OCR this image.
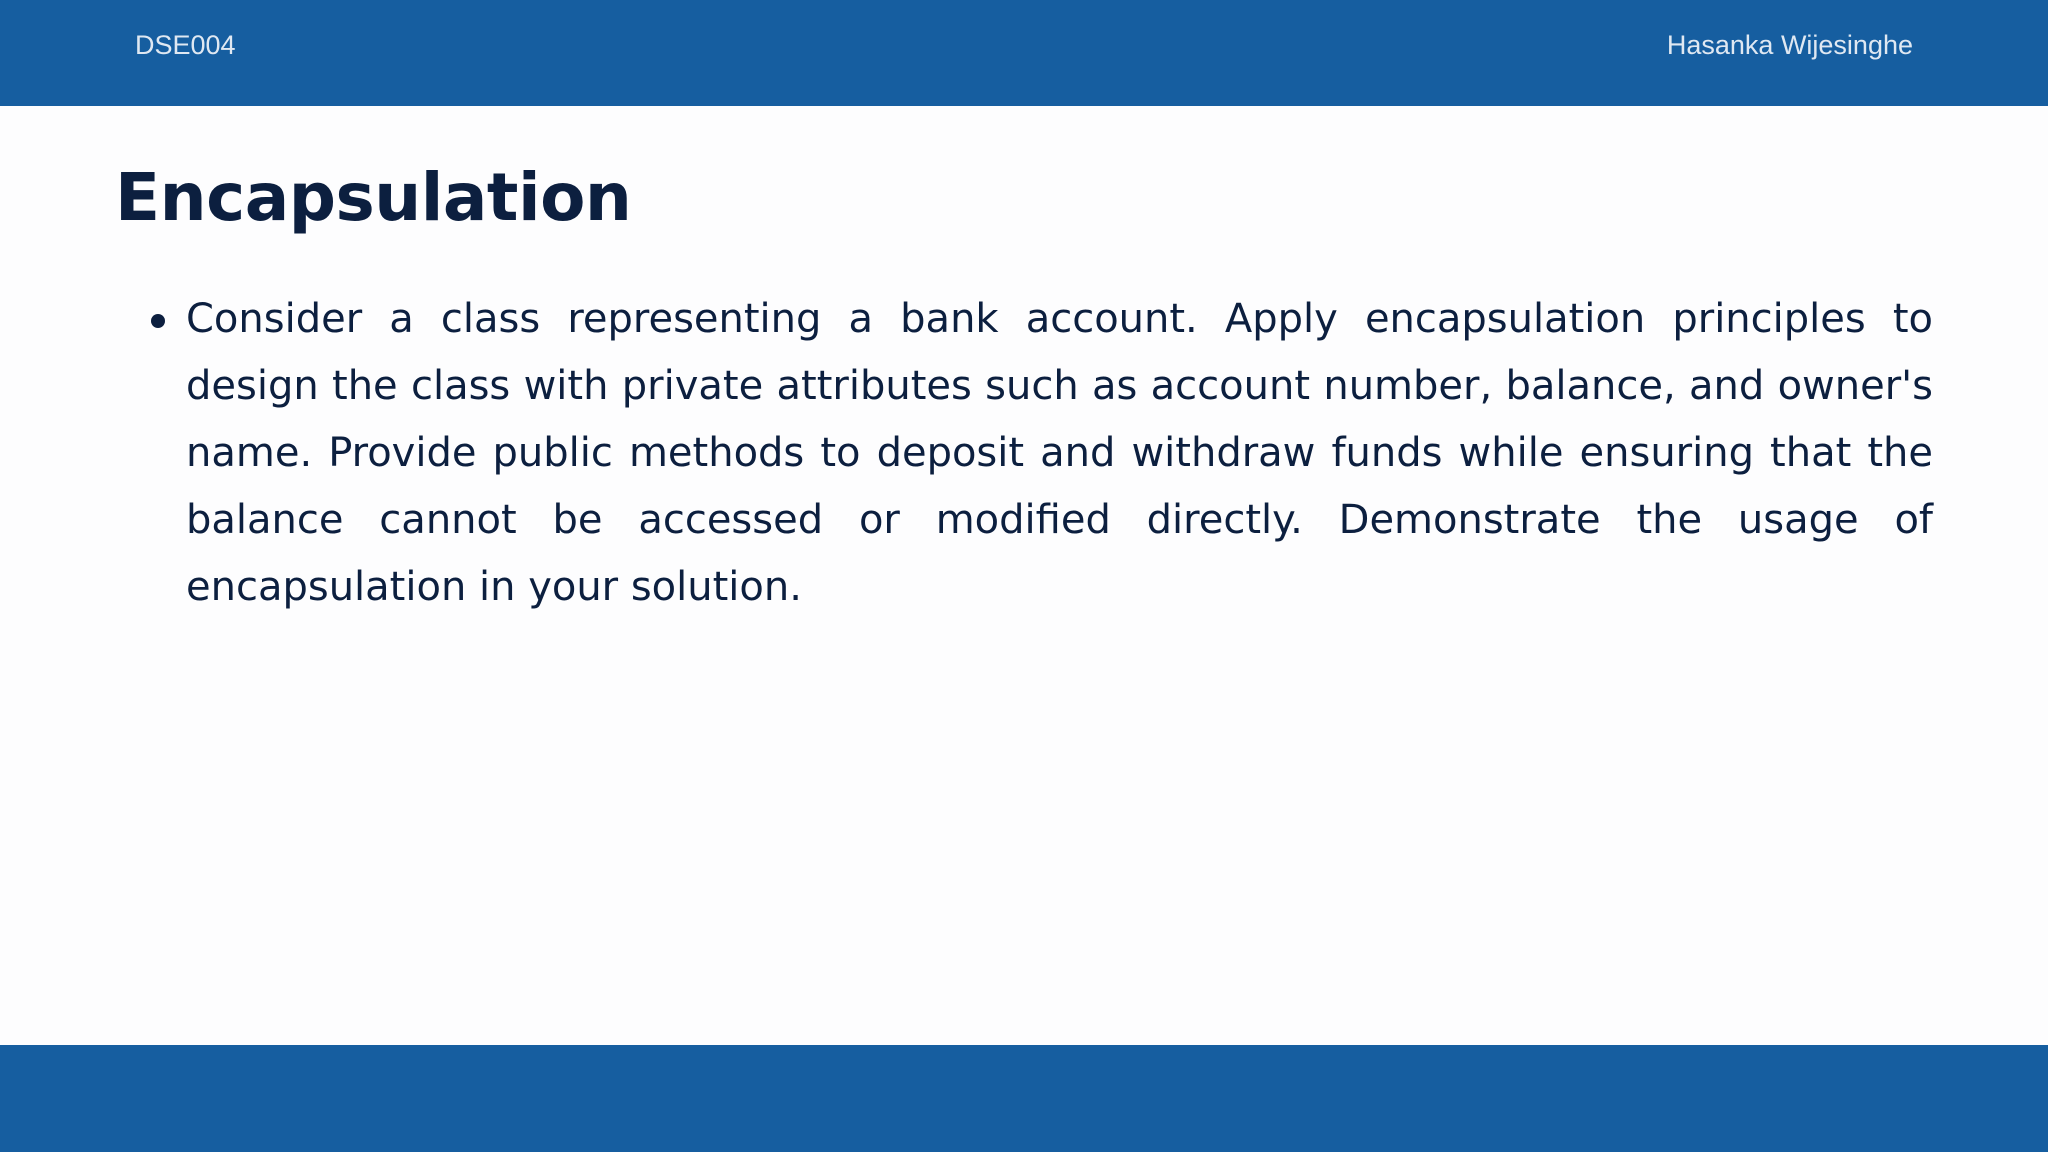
DSE004	Hasanka Wijesinghe
Encapsulation
Consider a class representing a bank account. Apply encapsulation principles to design the class with private attributes such as account number, balance, and owner's name. Provide public methods to deposit and withdraw funds while ensuring that the balance cannot be accessed or modified directly. Demonstrate the usage of encapsulation in your solution.
